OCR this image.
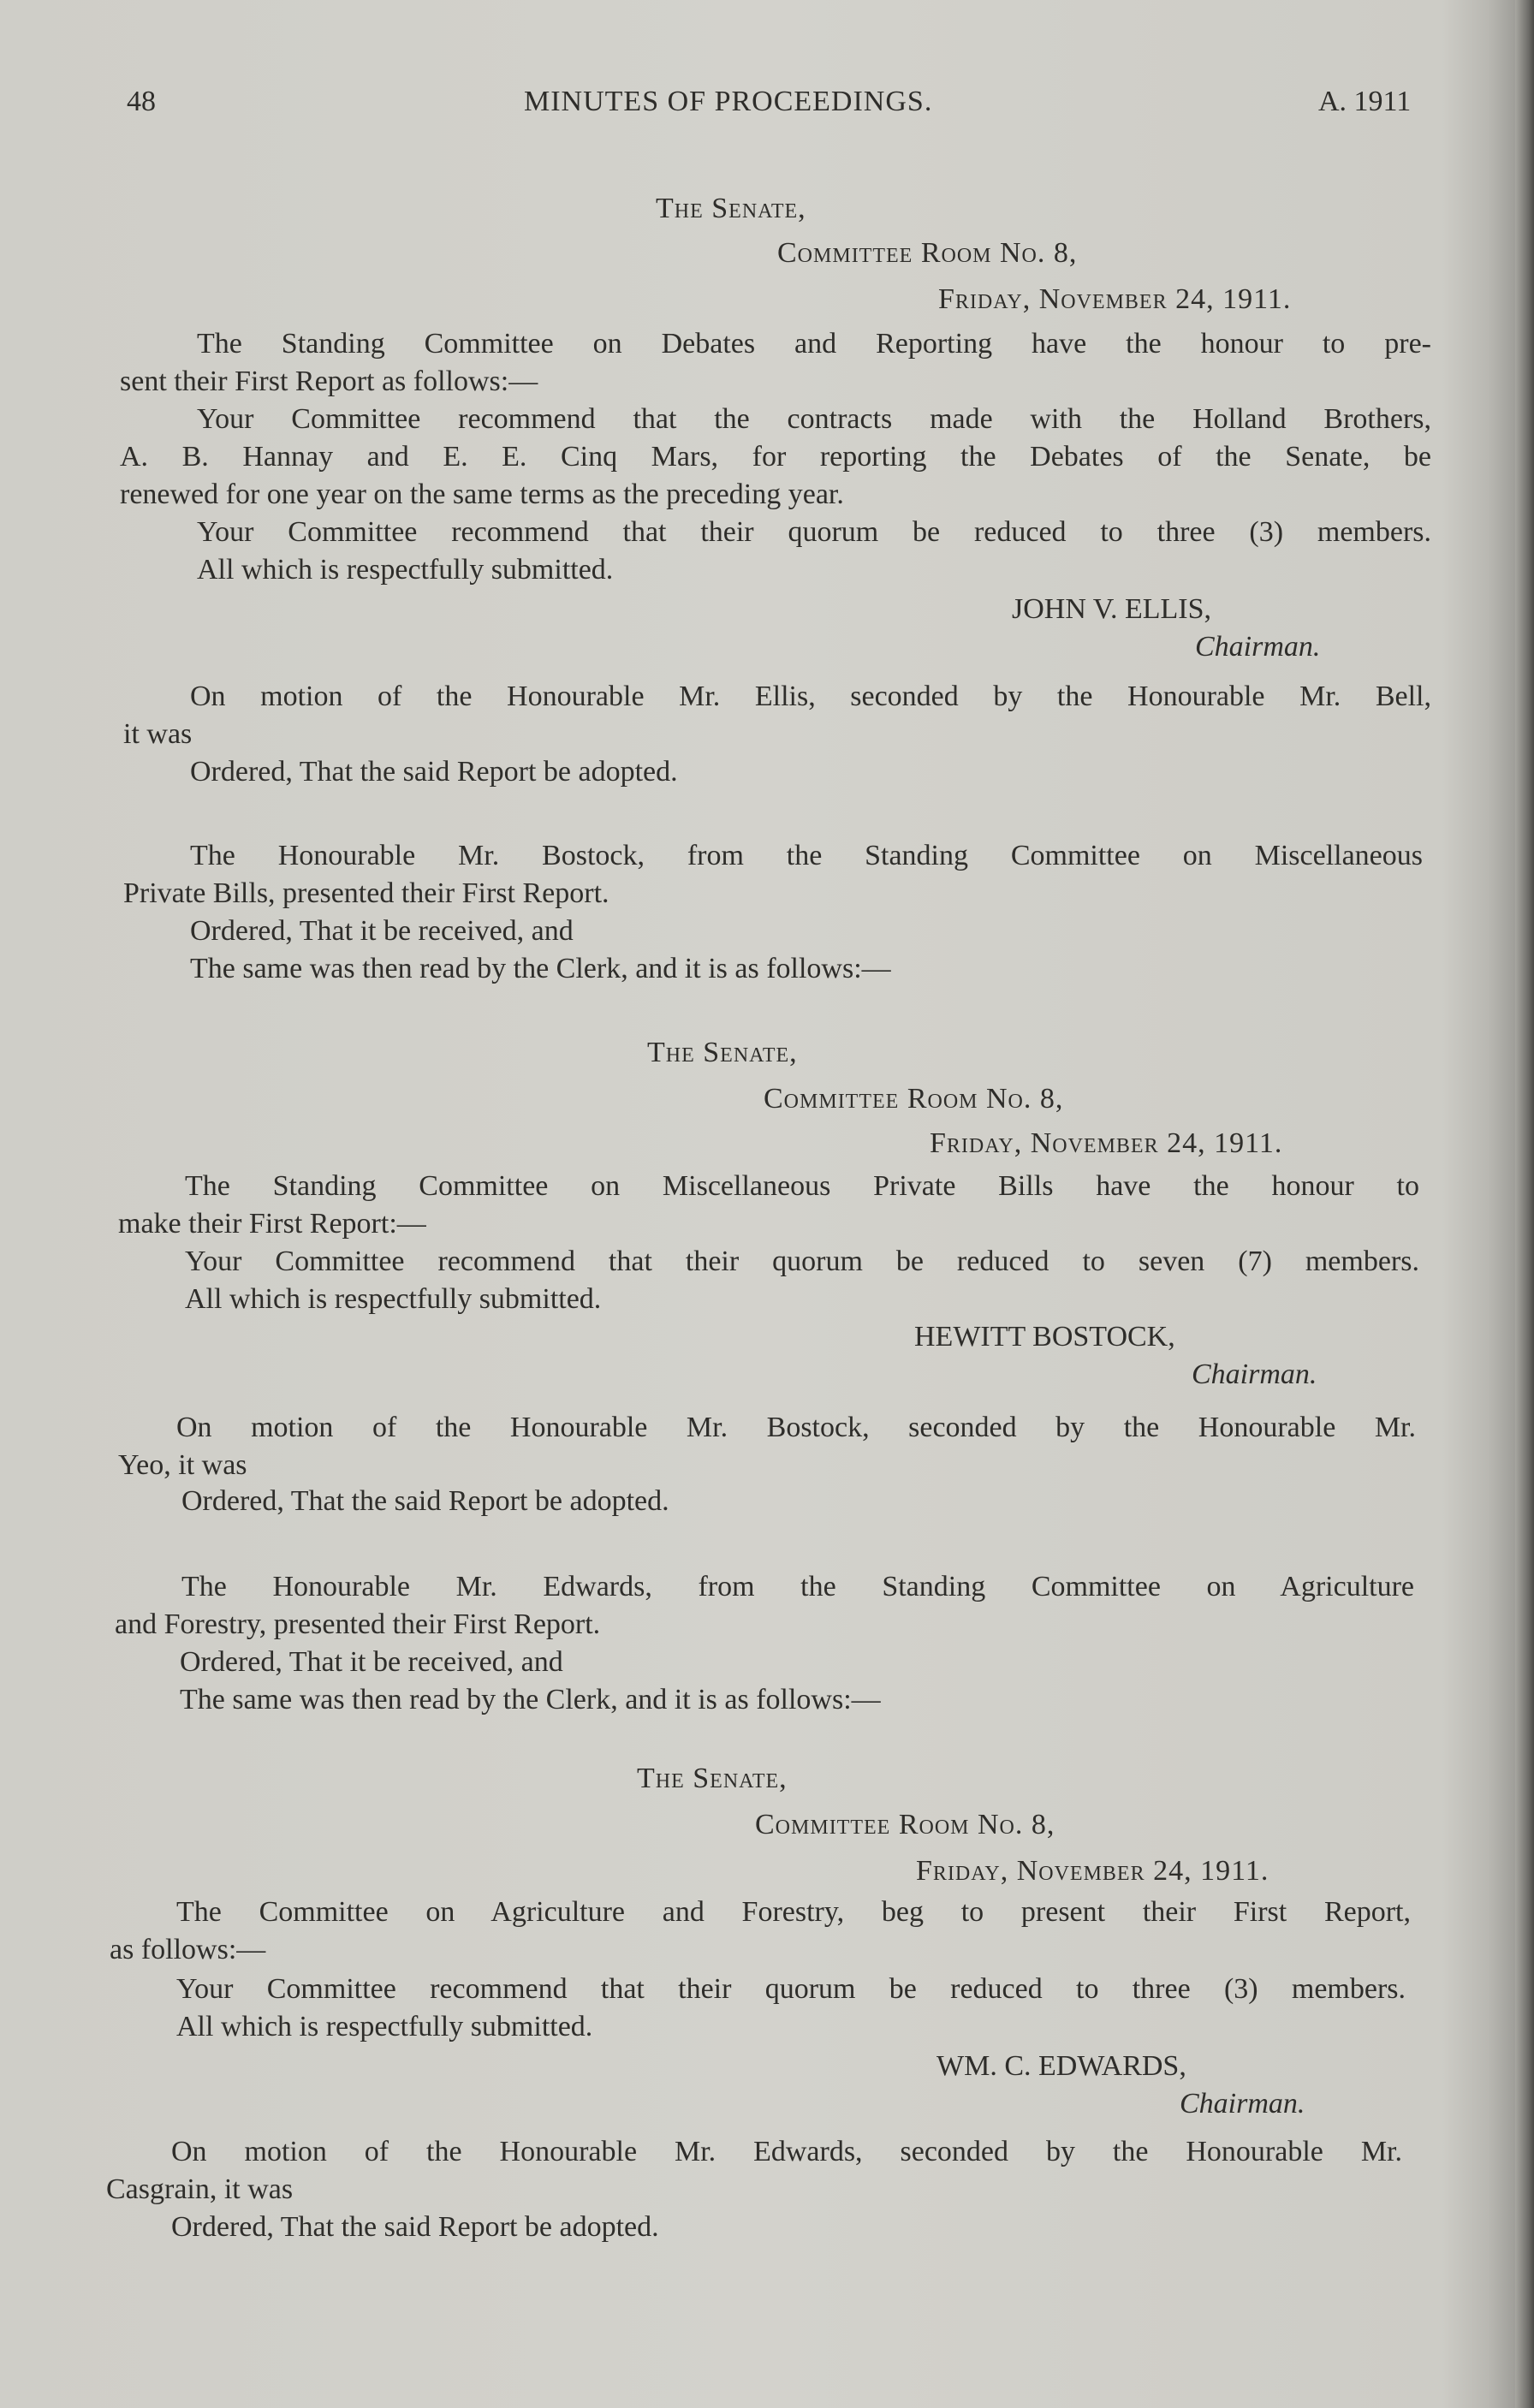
48	MINUTES OF PROCEEDINGS.	A. 1911
The Senate,
Committee Room No. 8,
Friday, November 24, 1911.
The Standing Committee on Debates and Reporting have the honour to pre-
sent their First Report as follows:—
Your Committee recommend that the contracts made with the Holland Brothers,
A. B. Hannay and E. E. Cinq Mars, for reporting the Debates of the Senate, be
renewed for one year on the same terms as the preceding year.
Your Committee recommend that their quorum be reduced to three (3) members.
All which is respectfully submitted.
JOHN V. ELLIS,
Chairman.
On motion of the Honourable Mr. Ellis, seconded by the Honourable Mr. Bell,
it was
Ordered, That the said Report be adopted.
The Honourable Mr. Bostock, from the Standing Committee on Miscellaneous
Private Bills, presented their First Report.
Ordered, That it be received, and
The same was then read by the Clerk, and it is as follows:—
The Senate,
Committee Room No. 8,
Friday, November 24, 1911.
The Standing Committee on Miscellaneous Private Bills have the honour to
make their First Report:—
Your Committee recommend that their quorum be reduced to seven (7) members.
All which is respectfully submitted.
HEWITT BOSTOCK,
Chairman.
On motion of the Honourable Mr. Bostock, seconded by the Honourable Mr.
Yeo, it was
Ordered, That the said Report be adopted.
The Honourable Mr. Edwards, from the Standing Committee on Agriculture
and Forestry, presented their First Report.
Ordered, That it be received, and
The same was then read by the Clerk, and it is as follows:—
The Senate,
Committee Room No. 8,
Friday, November 24, 1911.
The Committee on Agriculture and Forestry, beg to present their First Report,
as follows:—
Your Committee recommend that their quorum be reduced to three (3) members.
All which is respectfully submitted.
WM. C. EDWARDS,
Chairman.
On motion of the Honourable Mr. Edwards, seconded by the Honourable Mr.
Casgrain, it was
Ordered, That the said Report be adopted.
